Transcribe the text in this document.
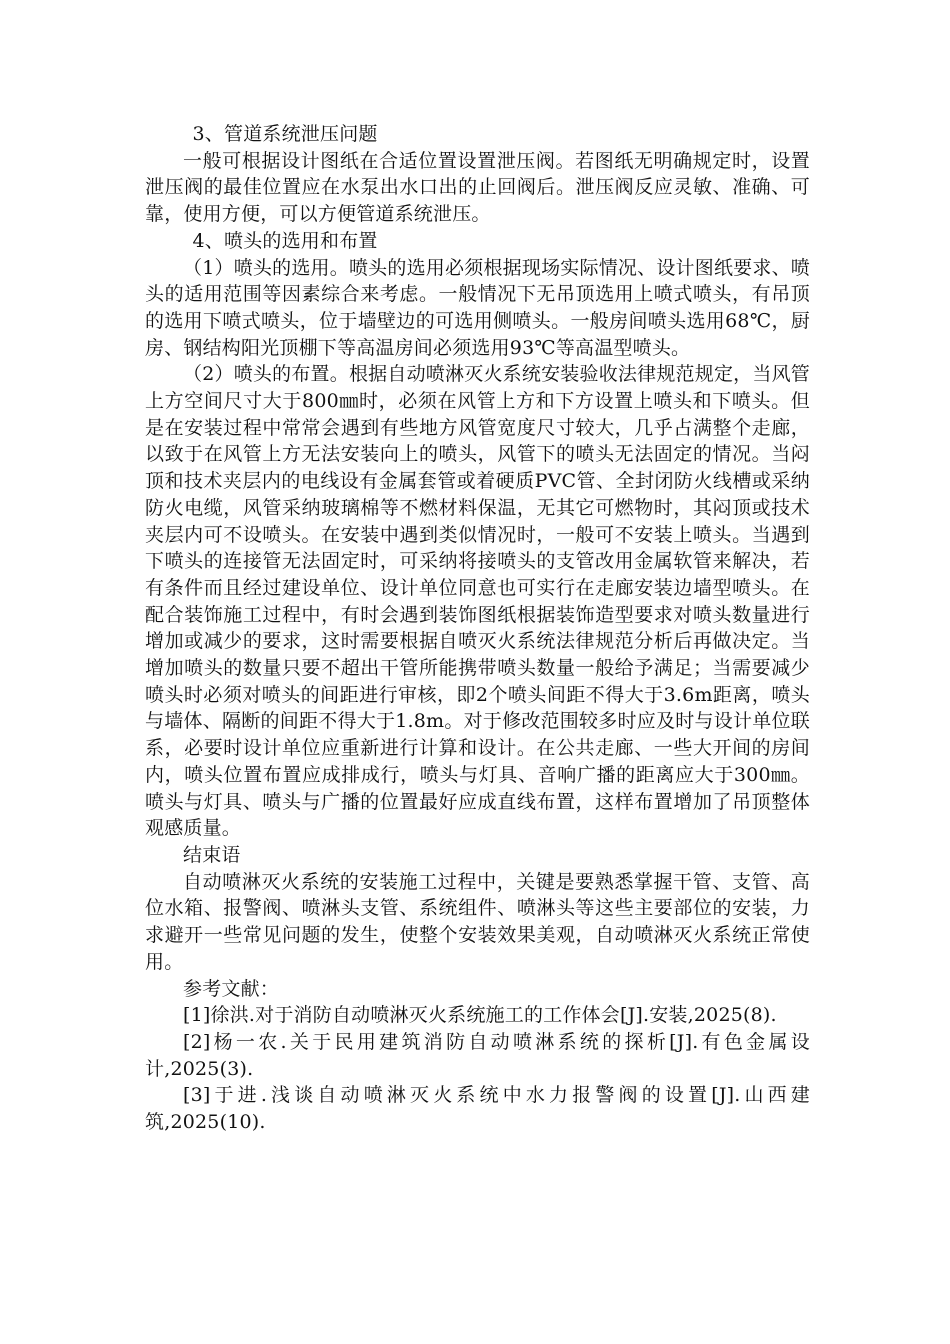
3、管道系统泄压问题

一般可根据设计图纸在合适位置设置泄压阀。若图纸无明确规定时，设置泄压阀的最佳位置应在水泵出水口出的止回阀后。泄压阀反应灵敏、准确、可靠，使用方便，可以方便管道系统泄压。

4、喷头的选用和布置

（1）喷头的选用。喷头的选用必须根据现场实际情况、设计图纸要求、喷头的适用范围等因素综合来考虑。一般情况下无吊顶选用上喷式喷头，有吊顶的选用下喷式喷头，位于墙壁边的可选用侧喷头。一般房间喷头选用68℃，厨房、钢结构阳光顶棚下等高温房间必须选用93℃等高温型喷头。

（2）喷头的布置。根据自动喷淋灭火系统安装验收法律规范规定，当风管上方空间尺寸大于800㎜时，必须在风管上方和下方设置上喷头和下喷头。但是在安装过程中常常会遇到有些地方风管宽度尺寸较大，几乎占满整个走廊，以致于在风管上方无法安装向上的喷头，风管下的喷头无法固定的情况。当闷顶和技术夹层内的电线设有金属套管或着硬质PVC管、全封闭防火线槽或采纳防火电缆，风管采纳玻璃棉等不燃材料保温，无其它可燃物时，其闷顶或技术夹层内可不设喷头。在安装中遇到类似情况时，一般可不安装上喷头。当遇到下喷头的连接管无法固定时，可采纳将接喷头的支管改用金属软管来解决，若有条件而且经过建设单位、设计单位同意也可实行在走廊安装边墙型喷头。在配合装饰施工过程中，有时会遇到装饰图纸根据装饰造型要求对喷头数量进行增加或减少的要求，这时需要根据自喷灭火系统法律规范分析后再做决定。当增加喷头的数量只要不超出干管所能携带喷头数量一般给予满足；当需要减少喷头时必须对喷头的间距进行审核，即2个喷头间距不得大于3.6m距离，喷头与墙体、隔断的间距不得大于1.8m。对于修改范围较多时应及时与设计单位联系，必要时设计单位应重新进行计算和设计。在公共走廊、一些大开间的房间内，喷头位置布置应成排成行，喷头与灯具、音响广播的距离应大于300㎜。喷头与灯具、喷头与广播的位置最好应成直线布置，这样布置增加了吊顶整体观感质量。

结束语

自动喷淋灭火系统的安装施工过程中，关键是要熟悉掌握干管、支管、高位水箱、报警阀、喷淋头支管、系统组件、喷淋头等这些主要部位的安装，力求避开一些常见问题的发生，使整个安装效果美观，自动喷淋灭火系统正常使用。

参考文献：

[1]徐洪.对于消防自动喷淋灭火系统施工的工作体会[J].安装,2025(8).

[2]杨一农.关于民用建筑消防自动喷淋系统的探析[J].有色金属设计,2025(3).

[3]于进.浅谈自动喷淋灭火系统中水力报警阀的设置[J].山西建筑,2025(10).
